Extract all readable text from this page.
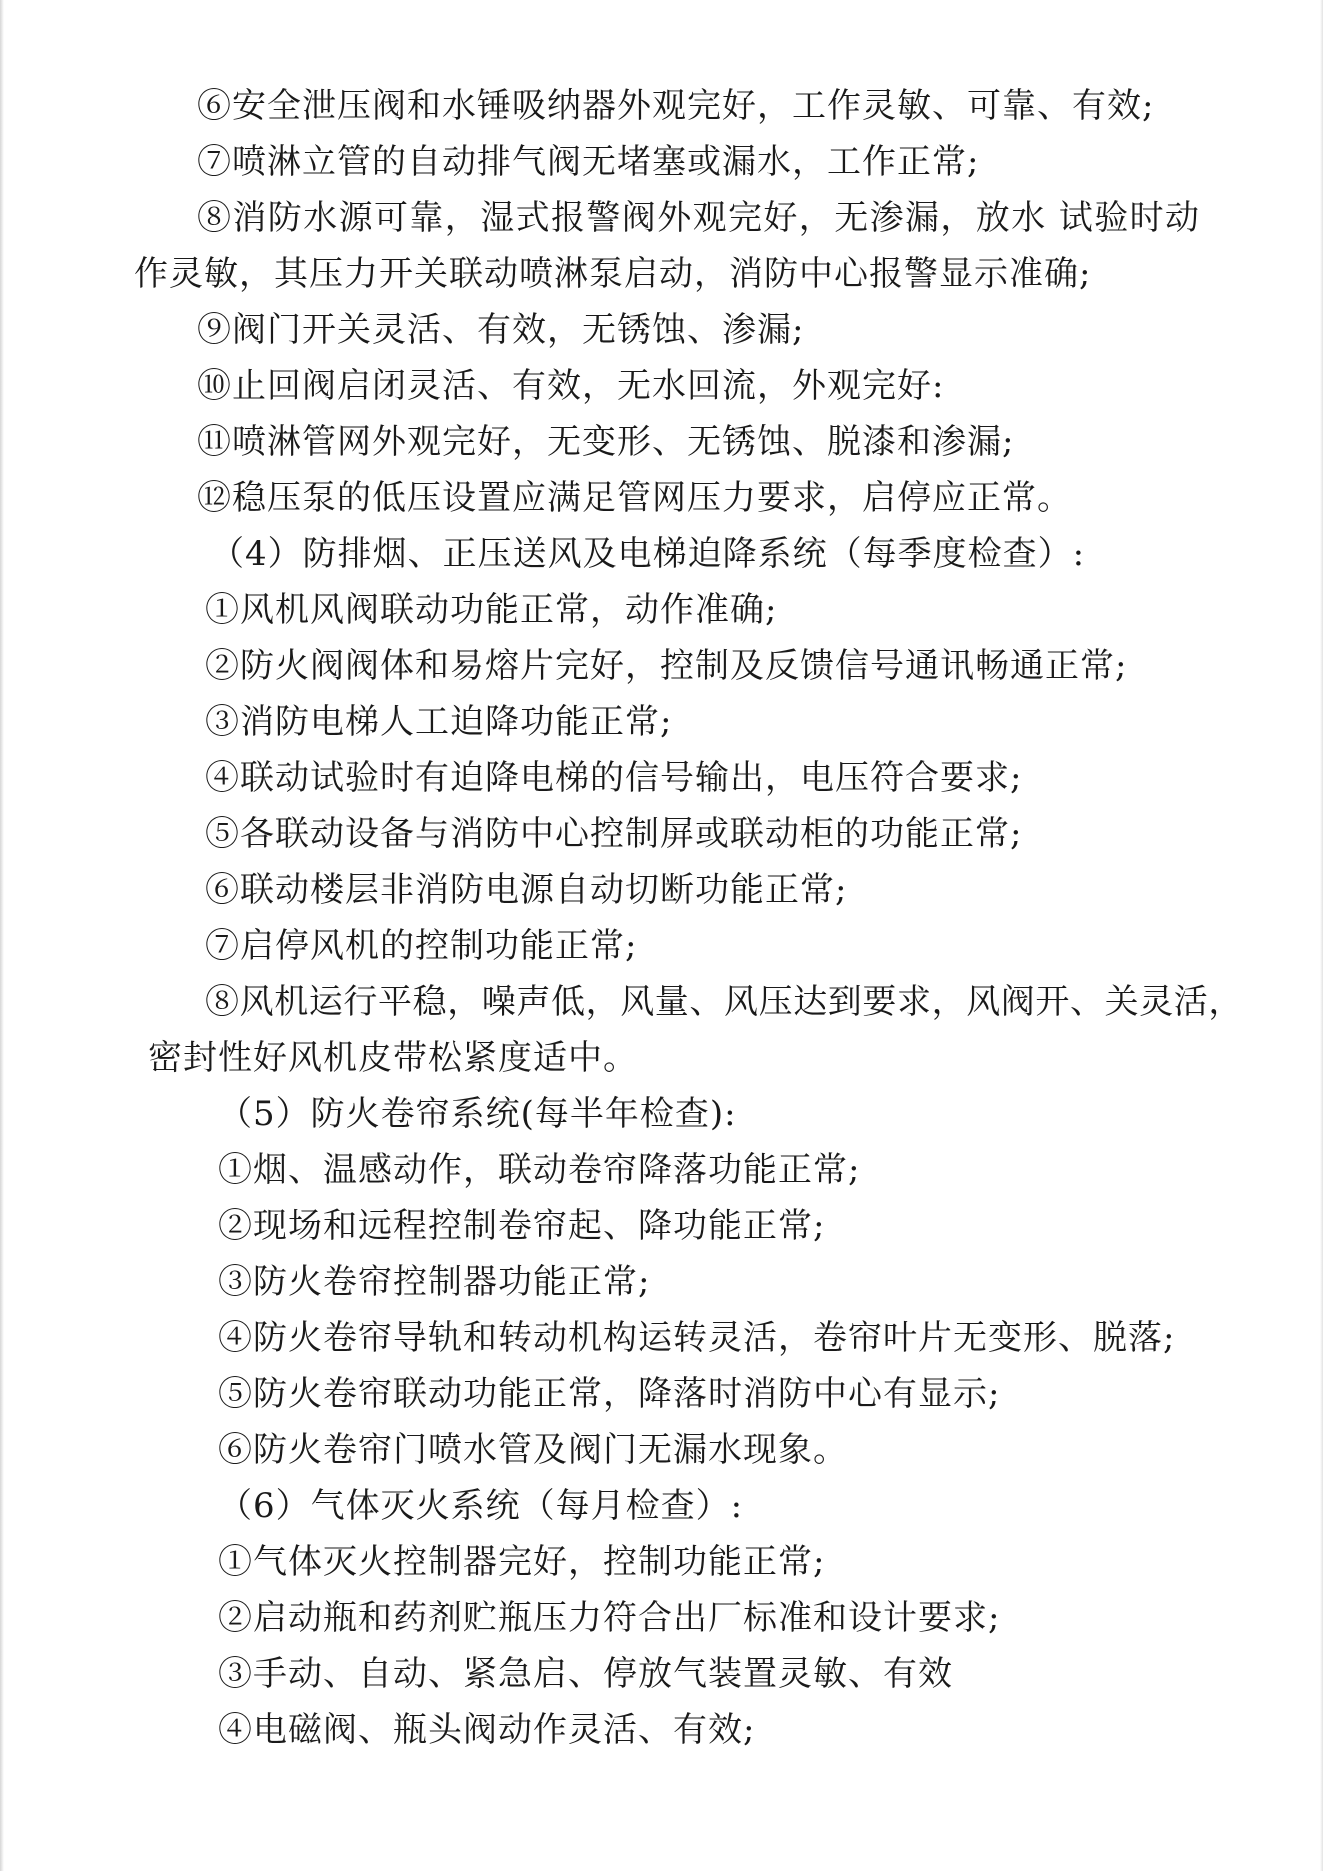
⑥安全泄压阀和水锤吸纳器外观完好，工作灵敏、可靠、有效;
⑦喷淋立管的自动排气阀无堵塞或漏水，工作正常;
⑧消防水源可靠，湿式报警阀外观完好，无渗漏，放水 试验时动
作灵敏，其压力开关联动喷淋泵启动，消防中心报警显示准确;
⑨阀门开关灵活、有效，无锈蚀、渗漏;
⑩止回阀启闭灵活、有效，无水回流，外观完好:
⑪喷淋管网外观完好，无变形、无锈蚀、脱漆和渗漏;
⑫稳压泵的低压设置应满足管网压力要求，启停应正常。
（4）防排烟、正压送风及电梯迫降系统（每季度检查）:
①风机风阀联动功能正常，动作准确;
②防火阀阀体和易熔片完好，控制及反馈信号通讯畅通正常;
③消防电梯人工迫降功能正常;
④联动试验时有迫降电梯的信号输出，电压符合要求;
⑤各联动设备与消防中心控制屏或联动柜的功能正常;
⑥联动楼层非消防电源自动切断功能正常;
⑦启停风机的控制功能正常;
⑧风机运行平稳，噪声低，风量、风压达到要求，风阀开、关灵活，
密封性好风机皮带松紧度适中。
（5）防火卷帘系统(每半年检查):
①烟、温感动作，联动卷帘降落功能正常;
②现场和远程控制卷帘起、降功能正常;
③防火卷帘控制器功能正常;
④防火卷帘导轨和转动机构运转灵活，卷帘叶片无变形、脱落;
⑤防火卷帘联动功能正常，降落时消防中心有显示;
⑥防火卷帘门喷水管及阀门无漏水现象。
（6）气体灭火系统（每月检查）:
①气体灭火控制器完好，控制功能正常;
②启动瓶和药剂贮瓶压力符合出厂标准和设计要求;
③手动、自动、紧急启、停放气装置灵敏、有效
④电磁阀、瓶头阀动作灵活、有效;
